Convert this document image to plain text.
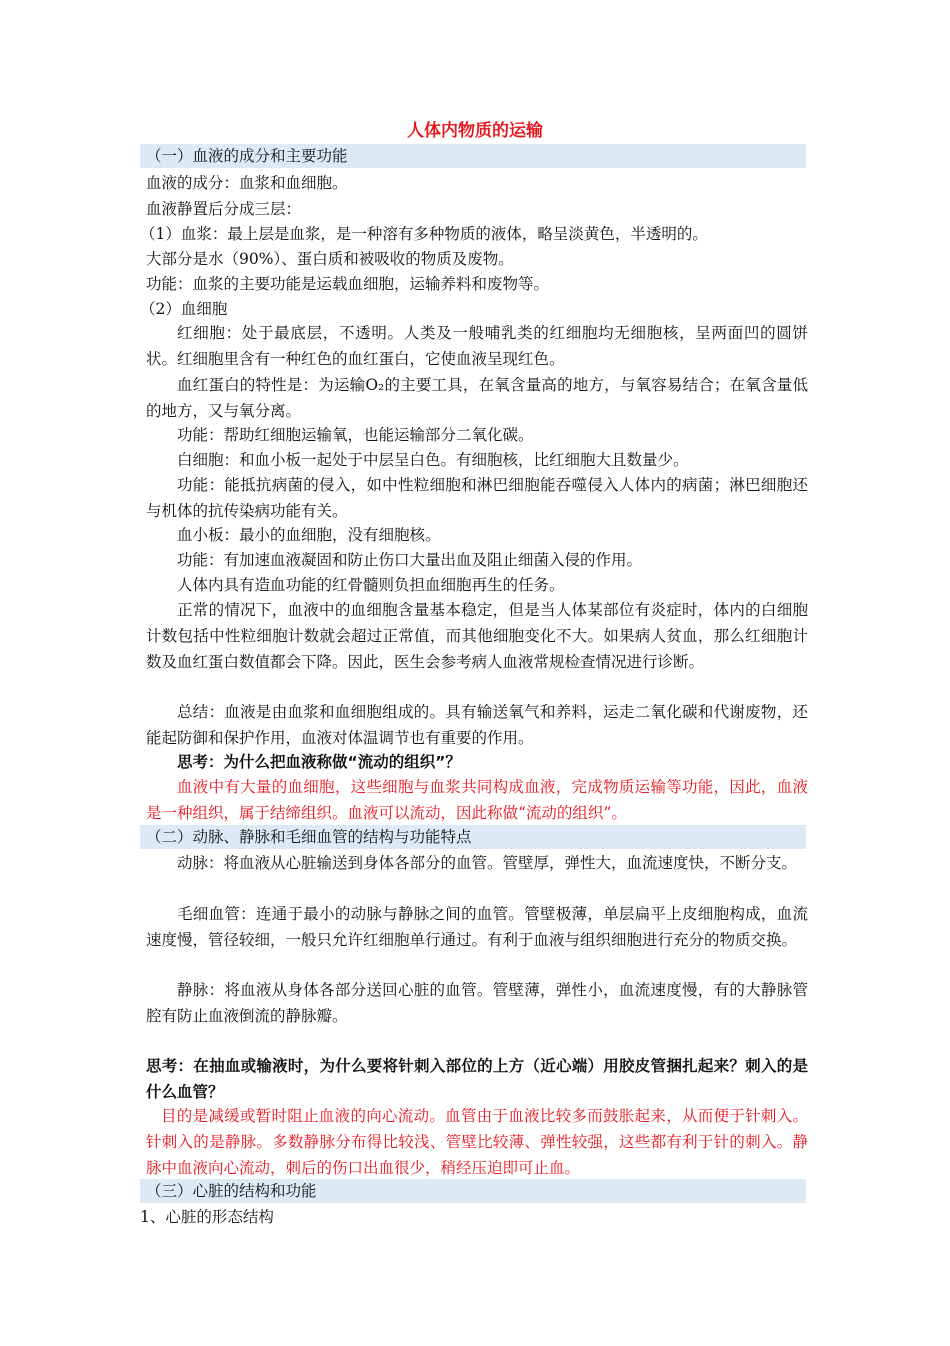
人体内物质的运输
（一）血液的成分和主要功能

血液的成分：血浆和血细胞。

血液静置后分成三层：

（1）血浆：最上层是血浆，是一种溶有多种物质的液体，略呈淡黄色，半透明的。

大部分是水（90%）、蛋白质和被吸收的物质及废物。

功能：血浆的主要功能是运载血细胞，运输养料和废物等。

（2）血细胞

红细胞：处于最底层，不透明。人类及一般哺乳类的红细胞均无细胞核，呈两面凹的圆饼状。红细胞里含有一种红色的血红蛋白，它使血液呈现红色。

血红蛋白的特性是：为运输O₂的主要工具，在氧含量高的地方，与氧容易结合；在氧含量低的地方，又与氧分离。

功能：帮助红细胞运输氧，也能运输部分二氧化碳。

白细胞：和血小板一起处于中层呈白色。有细胞核，比红细胞大且数量少。

功能：能抵抗病菌的侵入，如中性粒细胞和淋巴细胞能吞噬侵入人体内的病菌；淋巴细胞还与机体的抗传染病功能有关。

血小板：最小的血细胞，没有细胞核。

功能：有加速血液凝固和防止伤口大量出血及阻止细菌入侵的作用。

人体内具有造血功能的红骨髓则负担血细胞再生的任务。

正常的情况下，血液中的血细胞含量基本稳定，但是当人体某部位有炎症时，体内的白细胞计数包括中性粒细胞计数就会超过正常值，而其他细胞变化不大。如果病人贫血，那么红细胞计数及血红蛋白数值都会下降。因此，医生会参考病人血液常规检查情况进行诊断。

总结：血液是由血浆和血细胞组成的。具有输送氧气和养料，运走二氧化碳和代谢废物，还能起防御和保护作用，血液对体温调节也有重要的作用。

思考：为什么把血液称做“流动的组织”？

血液中有大量的血细胞，这些细胞与血浆共同构成血液，完成物质运输等功能，因此，血液是一种组织，属于结缔组织。血液可以流动，因此称做“流动的组织”。

（二）动脉、静脉和毛细血管的结构与功能特点

动脉：将血液从心脏输送到身体各部分的血管。管壁厚，弹性大，血流速度快，不断分支。

毛细血管：连通于最小的动脉与静脉之间的血管。管壁极薄，单层扁平上皮细胞构成，血流速度慢，管径较细，一般只允许红细胞单行通过。有利于血液与组织细胞进行充分的物质交换。

静脉：将血液从身体各部分送回心脏的血管。管壁薄，弹性小，血流速度慢，有的大静脉管腔有防止血液倒流的静脉瓣。

思考：在抽血或输液时，为什么要将针刺入部位的上方（近心端）用胶皮管捆扎起来？刺入的是什么血管？

目的是减缓或暂时阻止血液的向心流动。血管由于血液比较多而鼓胀起来，从而便于针刺入。针刺入的是静脉。多数静脉分布得比较浅、管壁比较薄、弹性较强，这些都有利于针的刺入。静脉中血液向心流动，刺后的伤口出血很少，稍经压迫即可止血。

（三）心脏的结构和功能

1、心脏的形态结构
